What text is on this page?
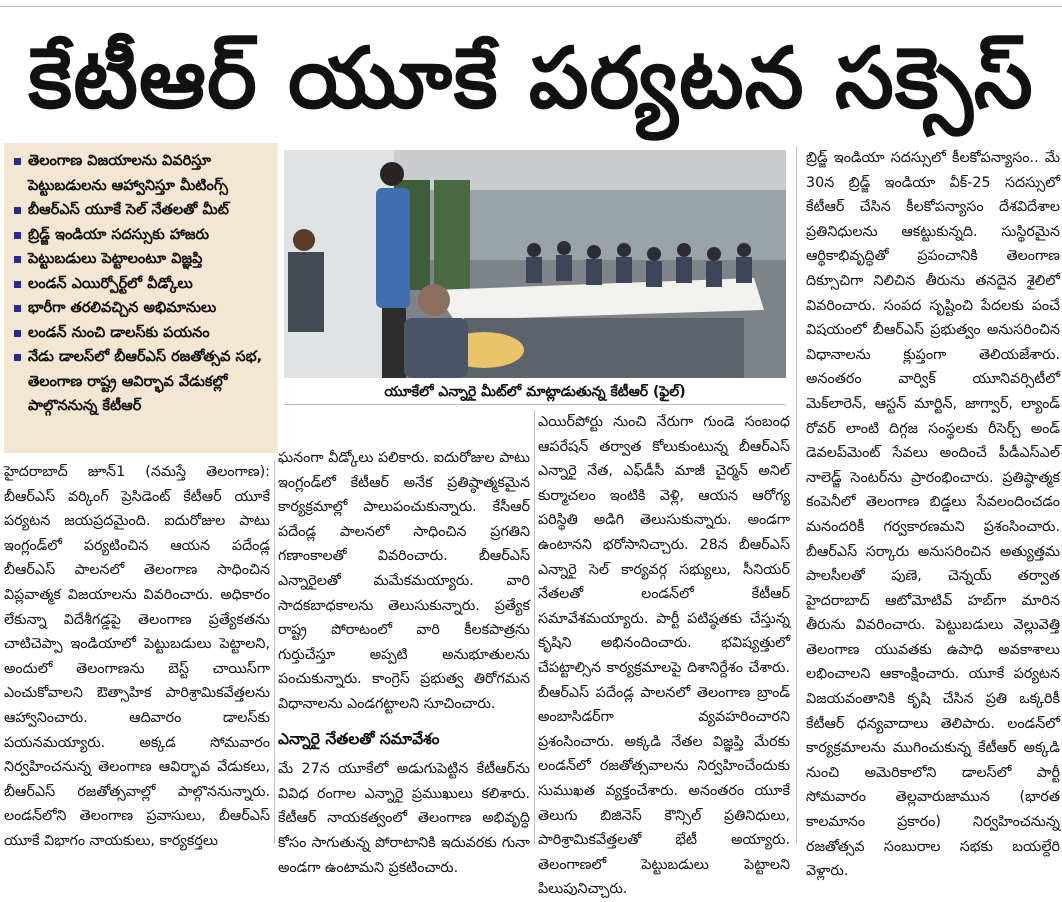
కేటీఆర్ యూకే పర్యటన సక్సెస్
తెలంగాణ విజయాలను వివరిస్తూ పెట్టుబడులను ఆహ్వానిస్తూ మీటింగ్స్
బీఆర్ఎస్ యూకే సెల్ నేతలతో మీట్
బ్రిడ్జ్ ఇండియా సదస్సుకు హాజరు
పెట్టుబడులు పెట్టాలంటూ విజ్ఞప్తి
లండన్ ఎయిర్పోర్ట్‌లో వీడ్కోలు
భారీగా తరలివచ్చిన అభిమానులు
లండన్ నుంచి డాలస్‌కు పయనం
నేడు డాలస్‌లో బీఆర్ఎస్ రజతోత్సవ సభ, తెలంగాణ రాష్ట్ర ఆవిర్భావ వేడుకల్లో పాల్గొననున్న కేటీఆర్
యూకేలో ఎన్నారై మీట్‌లో మాట్లాడుతున్న కేటీఆర్ (ఫైల్)

హైదరాబాద్ జూన్1 (నమస్తే తెలంగాణ): బీఆర్ఎస్ వర్కింగ్ ప్రెసిడెంట్ కేటీఆర్ యూకే పర్యటన జయప్రదమైంది. ఐదురోజుల పాటు ఇంగ్లండ్‌లో పర్యటించిన ఆయన పదేండ్ల బీఆర్ఎస్ పాలనలో తెలంగాణ సాధించిన విప్లవాత్మక విజయాలను వివరించారు. అధికారం లేకున్నా విదేశీగడ్డపై తెలంగాణ ప్రత్యేకతను చాటిచెప్పా ఇండియాలో పెట్టుబడులు పెట్టాలని, అందులో తెలంగాణను బెస్ట్ చాయిస్‌గా ఎంచుకోవాలని ఔత్సాహిక పారిశ్రామికవేత్తలను ఆహ్వానించారు. ఆదివారం డాలస్‌కు పయనమయ్యారు. అక్కడ సోమవారం నిర్వహించనున్న తెలంగాణ ఆవిర్భావ వేడుకలు, బీఆర్ఎస్ రజతోత్సవాల్లో పాల్గొననున్నారు. లండన్‌లోని తెలంగాణ ప్రవాసులు, బీఆర్ఎస్ యూకే విభాగం నాయకులు, కార్యకర్తలు

ఘనంగా వీడ్కోలు పలికారు. ఐదురోజుల పాటు ఇంగ్లండ్‌లో కేటీఆర్ అనేక ప్రతిష్ఠాత్మకమైన కార్యక్రమాల్లో పాలుపంచుకున్నారు. కేసీఆర్ పదేండ్ల పాలనలో సాధించిన ప్రగతిని గణాంకాలతో వివరించారు. బీఆర్ఎస్ ఎన్నారైలతో మమేకమయ్యారు. వారి సాదకబాధకాలను తెలుసుకున్నారు. ప్రత్యేక రాష్ట్ర పోరాటంలో వారి కీలకపాత్రను గుర్తుచేస్తూ అప్పటి అనుభూతులను పంచుకున్నారు. కాంగ్రెస్ ప్రభుత్వ తిరోగమన విధానాలను ఎండగట్టాలని సూచించారు.

ఎన్నారై నేతలతో సమావేశం

మే 27న యూకేలో అడుగుపెట్టిన కేటీఆర్‌ను వివిధ రంగాల ఎన్నారై ప్రముఖులు కలిశారు. కేటీఆర్ నాయకత్వంలో తెలంగాణ అభివృద్ధి కోసం సాగుతున్న పోరాటానికి ఇదువరకు గునా అండగా ఉంటామని ప్రకటించారు.

ఎయిర్‌పోర్టు నుంచి నేరుగా గుండె సంబంధ ఆపరేషన్ తర్వాత కోలుకుంటున్న బీఆర్ఎస్ ఎన్నారై నేత, ఎఫ్‌డీసీ మాజీ చైర్మన్ అనిల్ కుర్మాచలం ఇంటికి వెళ్లి, ఆయన ఆరోగ్య పరిస్థితి అడిగి తెలుసుకున్నారు. అండగా ఉంటానని భరోసానిచ్చారు. 28న బీఆర్ఎస్ ఎన్నారై సెల్ కార్యవర్గ సభ్యులు, సీనియర్ నేతలతో లండన్‌లో కేటీఆర్ సమావేశమయ్యారు. పార్టీ పటిష్ఠతకు చేస్తున్న కృషిని అభినందించారు. భవిష్యత్తులో చేపట్టాల్సిన కార్యక్రమాలపై దిశానిర్దేశం చేశారు. బీఆర్ఎస్ పదేండ్ల పాలనలో తెలంగాణ బ్రాండ్ అంబాసిడర్‌గా వ్యవహరించారని ప్రశంసించారు. అక్కడి నేతల విజ్ఞప్తి మేరకు లండన్‌లో రజతోత్సవాలను నిర్వహించేందుకు సుముఖత వ్యక్తంచేశారు. అనంతరం యూకే తెలుగు బిజినెస్ కౌన్సిల్ ప్రతినిధులు, పారిశ్రామికవేత్తలతో భేటీ అయ్యారు. తెలంగాణలో పెట్టుబడులు పెట్టాలని పిలుపునిచ్చారు.

బ్రిడ్జ్ ఇండియా సదస్సులో కీలకోపన్యాసం.. మే 30న బ్రిడ్జ్ ఇండియా వీక్-25 సదస్సులో కేటీఆర్ చేసిన కీలకోపన్యాసం దేశవిదేశాల ప్రతినిధులను ఆకట్టుకున్నది. సుస్థిరమైన ఆర్థికాభివృద్ధితో ప్రపంచానికి తెలంగాణ దిక్సూచిగా నిలిచిన తీరును తనదైన శైలిలో వివరించారు. సంపద సృష్టించి పేదలకు పంచే విషయంలో బీఆర్ఎస్ ప్రభుత్వం అనుసరించిన విధానాలను క్లుప్తంగా తెలియజేశారు. అనంతరం వార్విక్ యూనివర్సిటీలో మెక్‌లారెన్, ఆస్టన్ మార్టిన్, జాగ్వార్, ల్యాండ్ రోవర్ లాంటి దిగ్గజ సంస్థలకు రీసెర్చ్ అండ్ డెవలప్‌మెంట్ సేవలు అందించే పీడీఎస్ఎల్ నాలెడ్జ్ సెంటర్‌ను ప్రారంభించారు. ప్రతిష్ఠాత్మక కంపెనీలో తెలంగాణ బిడ్డలు సేవలందించడం మనందరికీ గర్వకారణమని ప్రశంసించారు. బీఆర్ఎస్ సర్కారు అనుసరించిన అత్యుత్తమ పాలసీలతో పుణె, చెన్నయ్ తర్వాత హైదరాబాద్ ఆటోమోటివ్ హబ్‌గా మారిన తీరును వివరించారు. పెట్టుబడులు వెల్లువెత్తి తెలంగాణ యువతకు ఉపాధి అవకాశాలు లభించాలని ఆకాంక్షించారు. యూకే పర్యటన విజయవంతానికి కృషి చేసిన ప్రతి ఒక్కరికీ కేటీఆర్ ధన్యవాదాలు తెలిపారు. లండన్‌లో కార్యక్రమాలను ముగించుకున్న కేటీఆర్ అక్కడి నుంచి అమెరికాలోని డాలస్‌లో పార్టీ సోమవారం తెల్లవారుజామున (భారత కాలమానం ప్రకారం) నిర్వహించనున్న రజతోత్సవ సంబురాల సభకు బయల్దేరి వెళ్లారు.
